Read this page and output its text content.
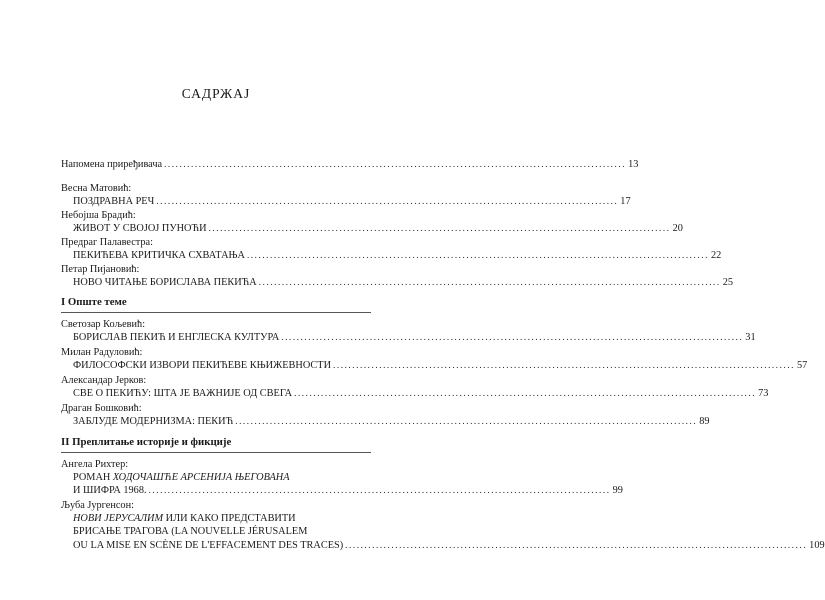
САДРЖАЈ
Напомена приређивача ........................................................................................................................ 13
Весна Матовић:
ПОЗДРАВНА РЕЧ ........................................................................................................................ 17
Небојша Брадић:
ЖИВОТ У СВОЈОЈ ПУНОЋИ ........................................................................................................................ 20
Предраг Палавестра:
ПЕКИЋЕВА КРИТИЧКА СХВАТАЊА ........................................................................................................................ 22
Петар Пијановић:
НОВО ЧИТАЊЕ БОРИСЛАВА ПЕКИЋА ........................................................................................................................ 25
I Опште теме
Светозар Кољевић:
БОРИСЛАВ ПЕКИЋ И ЕНГЛЕСКА КУЛТУРА ........................................................................................................................ 31
Милан Радуловић:
ФИЛОСОФСКИ ИЗВОРИ ПЕКИЋЕВЕ КЊИЖЕВНОСТИ ........................................................................................................................ 57
Александар Јерков:
СВЕ О ПЕКИЋУ: ШТА ЈЕ ВАЖНИЈЕ ОД СВЕГА ........................................................................................................................ 73
Драган Бошковић:
ЗАБЛУДЕ МОДЕРНИЗМА: ПЕКИЋ ........................................................................................................................ 89
II Преплитање историје и фикције
Ангела Рихтер:
РОМАН ХОДОЧАШЋЕ АРСЕНИЈА ЊЕГОВАНА
И ШИФРА 1968. ........................................................................................................................ 99
Љуба Јургенсон:
НОВИ ЈЕРУСАЛИМ ИЛИ КАКО ПРЕДСТАВИТИ
БРИСАЊЕ ТРАГОВА (LA NOUVELLE JÉRUSALEM
OU LA MISE EN SCÈNE DE L'EFFACEMENT DES TRACES) ........................................................................................................................ 109
